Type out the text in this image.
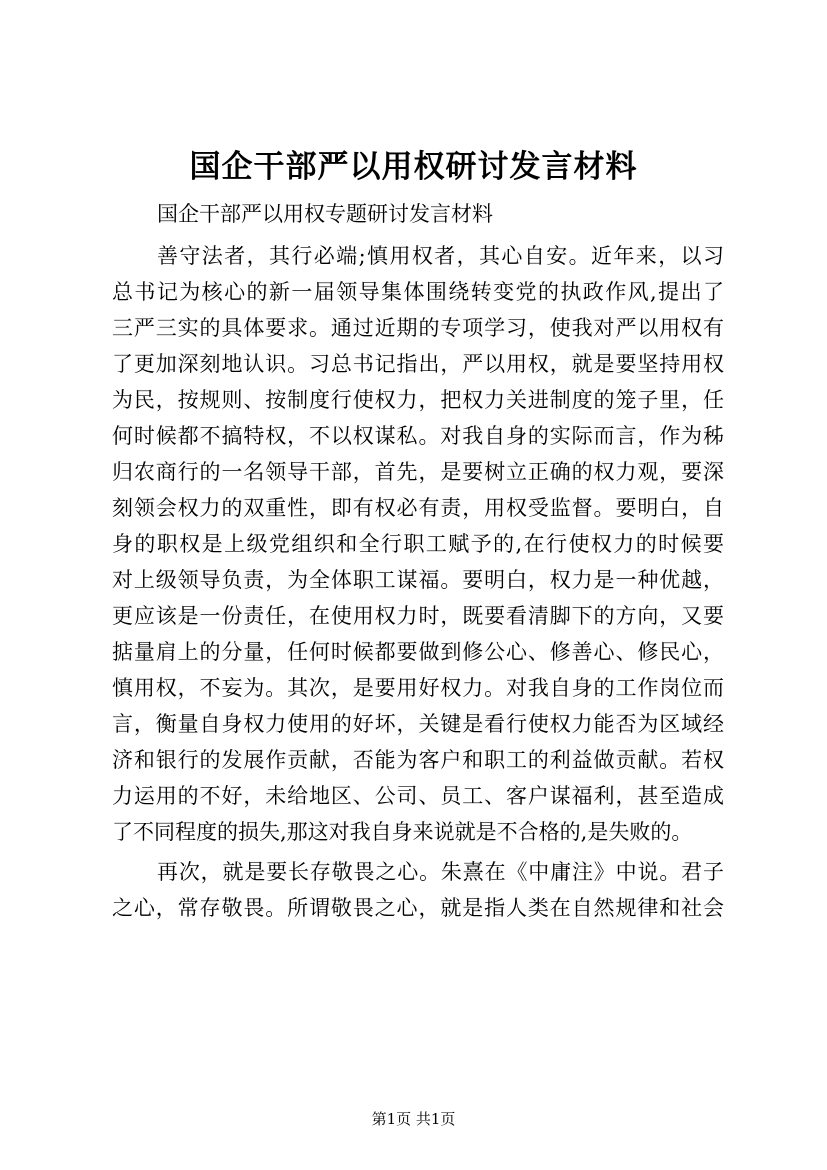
国企干部严以用权研讨发言材料
国企干部严以用权专题研讨发言材料
善守法者，其行必端;慎用权者，其心自安。近年来，以习
总书记为核心的新一届领导集体围绕转变党的执政作风,提出了
三严三实的具体要求。通过近期的专项学习，使我对严以用权有
了更加深刻地认识。习总书记指出，严以用权，就是要坚持用权
为民，按规则、按制度行使权力，把权力关进制度的笼子里，任
何时候都不搞特权，不以权谋私。对我自身的实际而言，作为秭
归农商行的一名领导干部，首先，是要树立正确的权力观，要深
刻领会权力的双重性，即有权必有责，用权受监督。要明白，自
身的职权是上级党组织和全行职工赋予的,在行使权力的时候要
对上级领导负责，为全体职工谋福。要明白，权力是一种优越，
更应该是一份责任，在使用权力时，既要看清脚下的方向，又要
掂量肩上的分量，任何时候都要做到修公心、修善心、修民心，
慎用权，不妄为。其次，是要用好权力。对我自身的工作岗位而
言，衡量自身权力使用的好坏，关键是看行使权力能否为区域经
济和银行的发展作贡献，否能为客户和职工的利益做贡献。若权
力运用的不好，未给地区、公司、员工、客户谋福利，甚至造成
了不同程度的损失,那这对我自身来说就是不合格的,是失败的。
再次，就是要长存敬畏之心。朱熹在《中庸注》中说。君子
之心，常存敬畏。所谓敬畏之心，就是指人类在自然规律和社会
第1页 共1页
